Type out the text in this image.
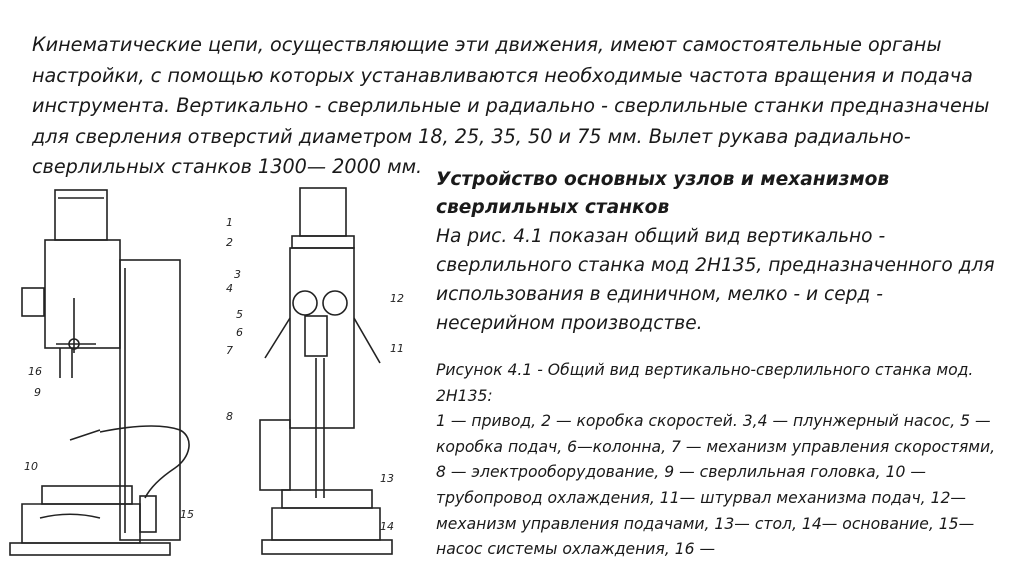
Кинематические цепи, осуществляющие эти движения, имеют самостоятельные органы настройки, с помощью которых устанавливаются необходимые частота вращения и подача инструмента. Вертикально - сверлильные и радиально - сверлильные станки предназначены для сверления отверстий диаметром 18, 25, 35, 50 и 75 мм. Вылет рукава радиально-сверлильных станков 1300— 2000 мм.

16
9
10
15
3
5
6
1
2
4
7
8
12
11
13
14

Устройство основных узлов и механизмов сверлильных станков

На рис. 4.1 показан общий вид вертикально - сверлильного станка мод 2Н135, предназначенного для использования в единичном, мелко - и серд - несерийном производстве.

Рисунок 4.1 - Общий вид вертикально-сверлильного станка мод. 2Н135:

1 — привод, 2 — коробка скоростей. 3,4 — плунжерный насос, 5 — коробка подач, 6—колонна, 7 — механизм управления скоростями, 8 — электрооборудование, 9 — сверлильная головка, 10 — трубопровод охлаждения, 11— штурвал механизма подач, 12— механизм управления подачами, 13— стол, 14— основание, 15—насос системы охлаждения, 16 —
